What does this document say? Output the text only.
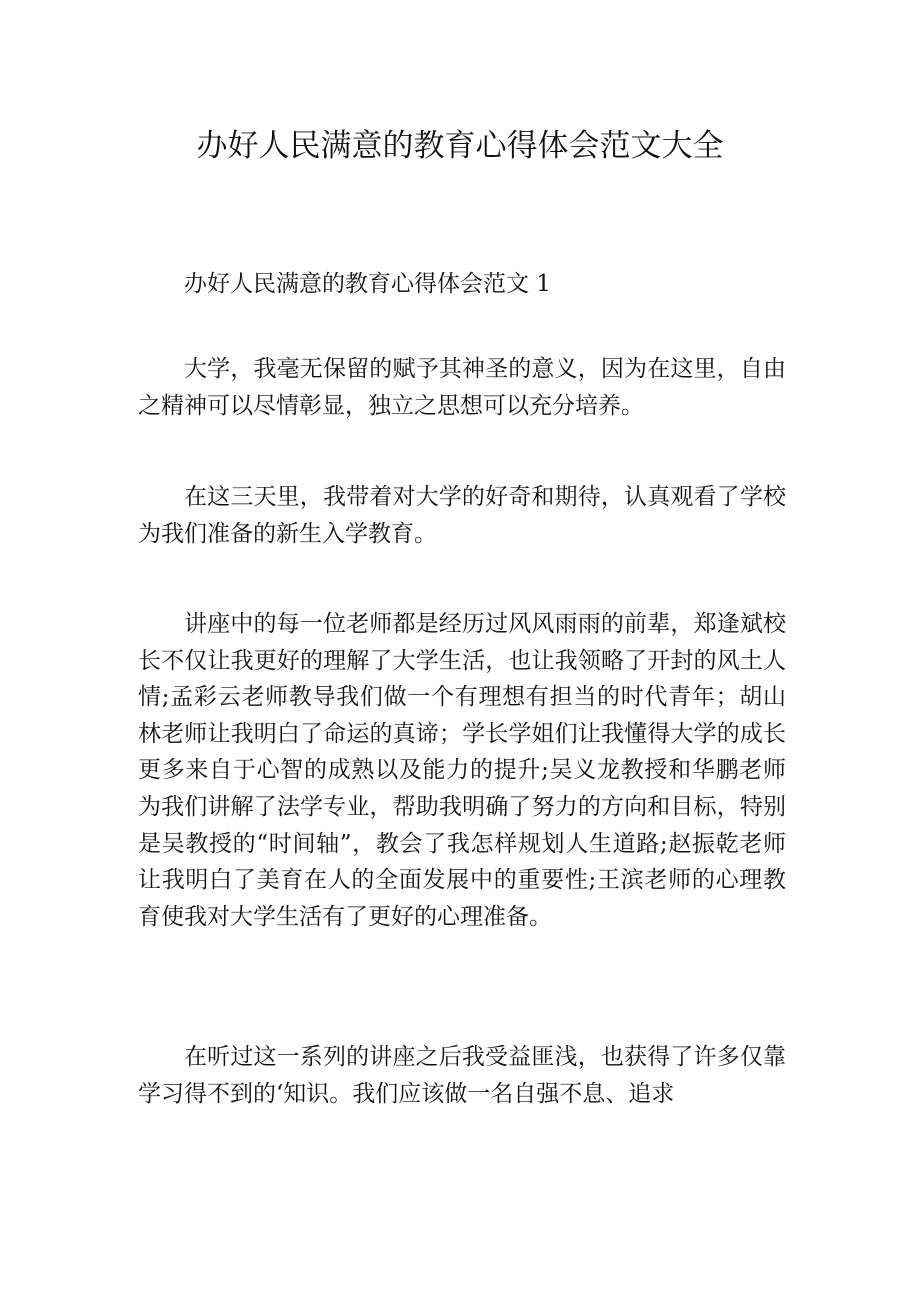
办好人民满意的教育心得体会范文大全

办好人民满意的教育心得体会范文 1

大学，我毫无保留的赋予其神圣的意义，因为在这里，自由之精神可以尽情彰显，独立之思想可以充分培养。

在这三天里，我带着对大学的好奇和期待，认真观看了学校为我们准备的新生入学教育。

讲座中的每一位老师都是经历过风风雨雨的前辈，郑逢斌校长不仅让我更好的理解了大学生活，也让我领略了开封的风土人情;孟彩云老师教导我们做一个有理想有担当的时代青年；胡山林老师让我明白了命运的真谛；学长学姐们让我懂得大学的成长更多来自于心智的成熟以及能力的提升;吴义龙教授和华鹏老师为我们讲解了法学专业，帮助我明确了努力的方向和目标，特别是吴教授的“时间轴”，教会了我怎样规划人生道路;赵振乾老师让我明白了美育在人的全面发展中的重要性;王滨老师的心理教育使我对大学生活有了更好的心理准备。

在听过这一系列的讲座之后我受益匪浅，也获得了许多仅靠学习得不到的‘知识。我们应该做一名自强不息、追求
